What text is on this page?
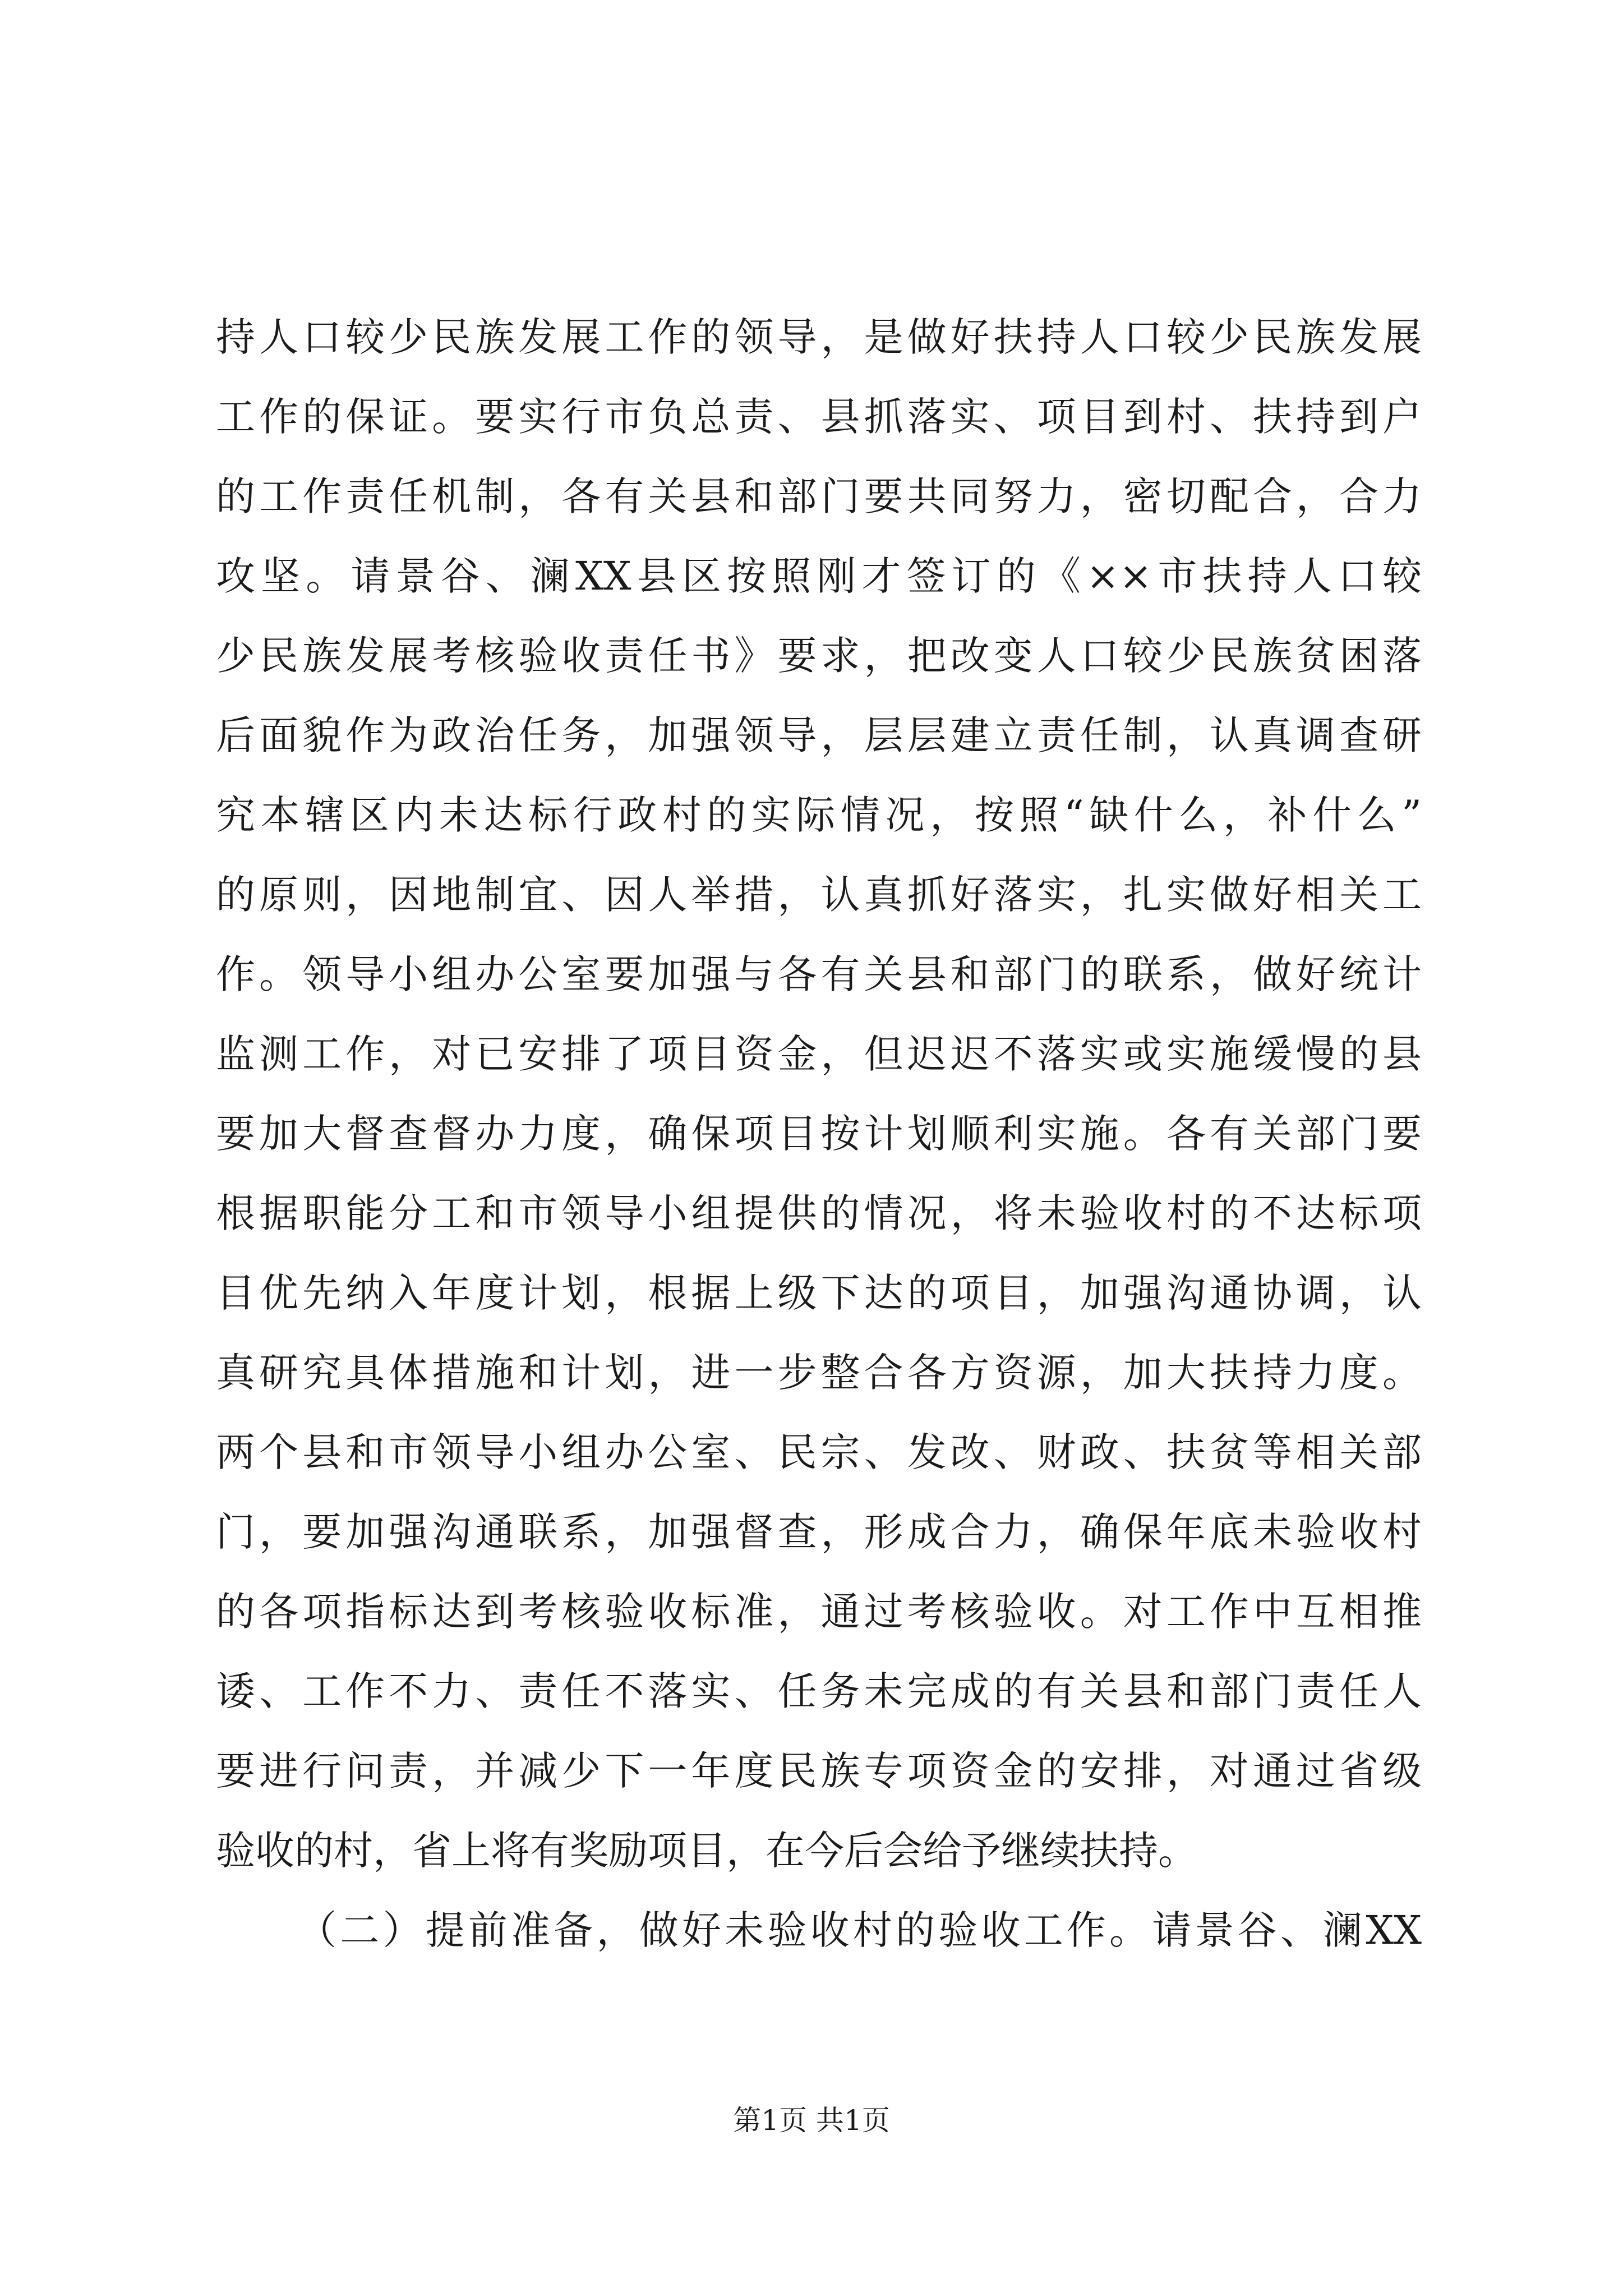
持人口较少民族发展工作的领导，是做好扶持人口较少民族发展
工作的保证。要实行市负总责、县抓落实、项目到村、扶持到户
的工作责任机制，各有关县和部门要共同努力，密切配合，合力
攻坚。请景谷、澜XX县区按照刚才签订的《××市扶持人口较
少民族发展考核验收责任书》要求，把改变人口较少民族贫困落
后面貌作为政治任务，加强领导，层层建立责任制，认真调查研
究本辖区内未达标行政村的实际情况，按照“缺什么，补什么”
的原则，因地制宜、因人举措，认真抓好落实，扎实做好相关工
作。领导小组办公室要加强与各有关县和部门的联系，做好统计
监测工作，对已安排了项目资金，但迟迟不落实或实施缓慢的县
要加大督查督办力度，确保项目按计划顺利实施。各有关部门要
根据职能分工和市领导小组提供的情况，将未验收村的不达标项
目优先纳入年度计划，根据上级下达的项目，加强沟通协调，认
真研究具体措施和计划，进一步整合各方资源，加大扶持力度。
两个县和市领导小组办公室、民宗、发改、财政、扶贫等相关部
门，要加强沟通联系，加强督查，形成合力，确保年底未验收村
的各项指标达到考核验收标准，通过考核验收。对工作中互相推
诿、工作不力、责任不落实、任务未完成的有关县和部门责任人
要进行问责，并减少下一年度民族专项资金的安排，对通过省级
验收的村，省上将有奖励项目，在今后会给予继续扶持。
（二）提前准备，做好未验收村的验收工作。请景谷、澜XX
第1页 共1页
